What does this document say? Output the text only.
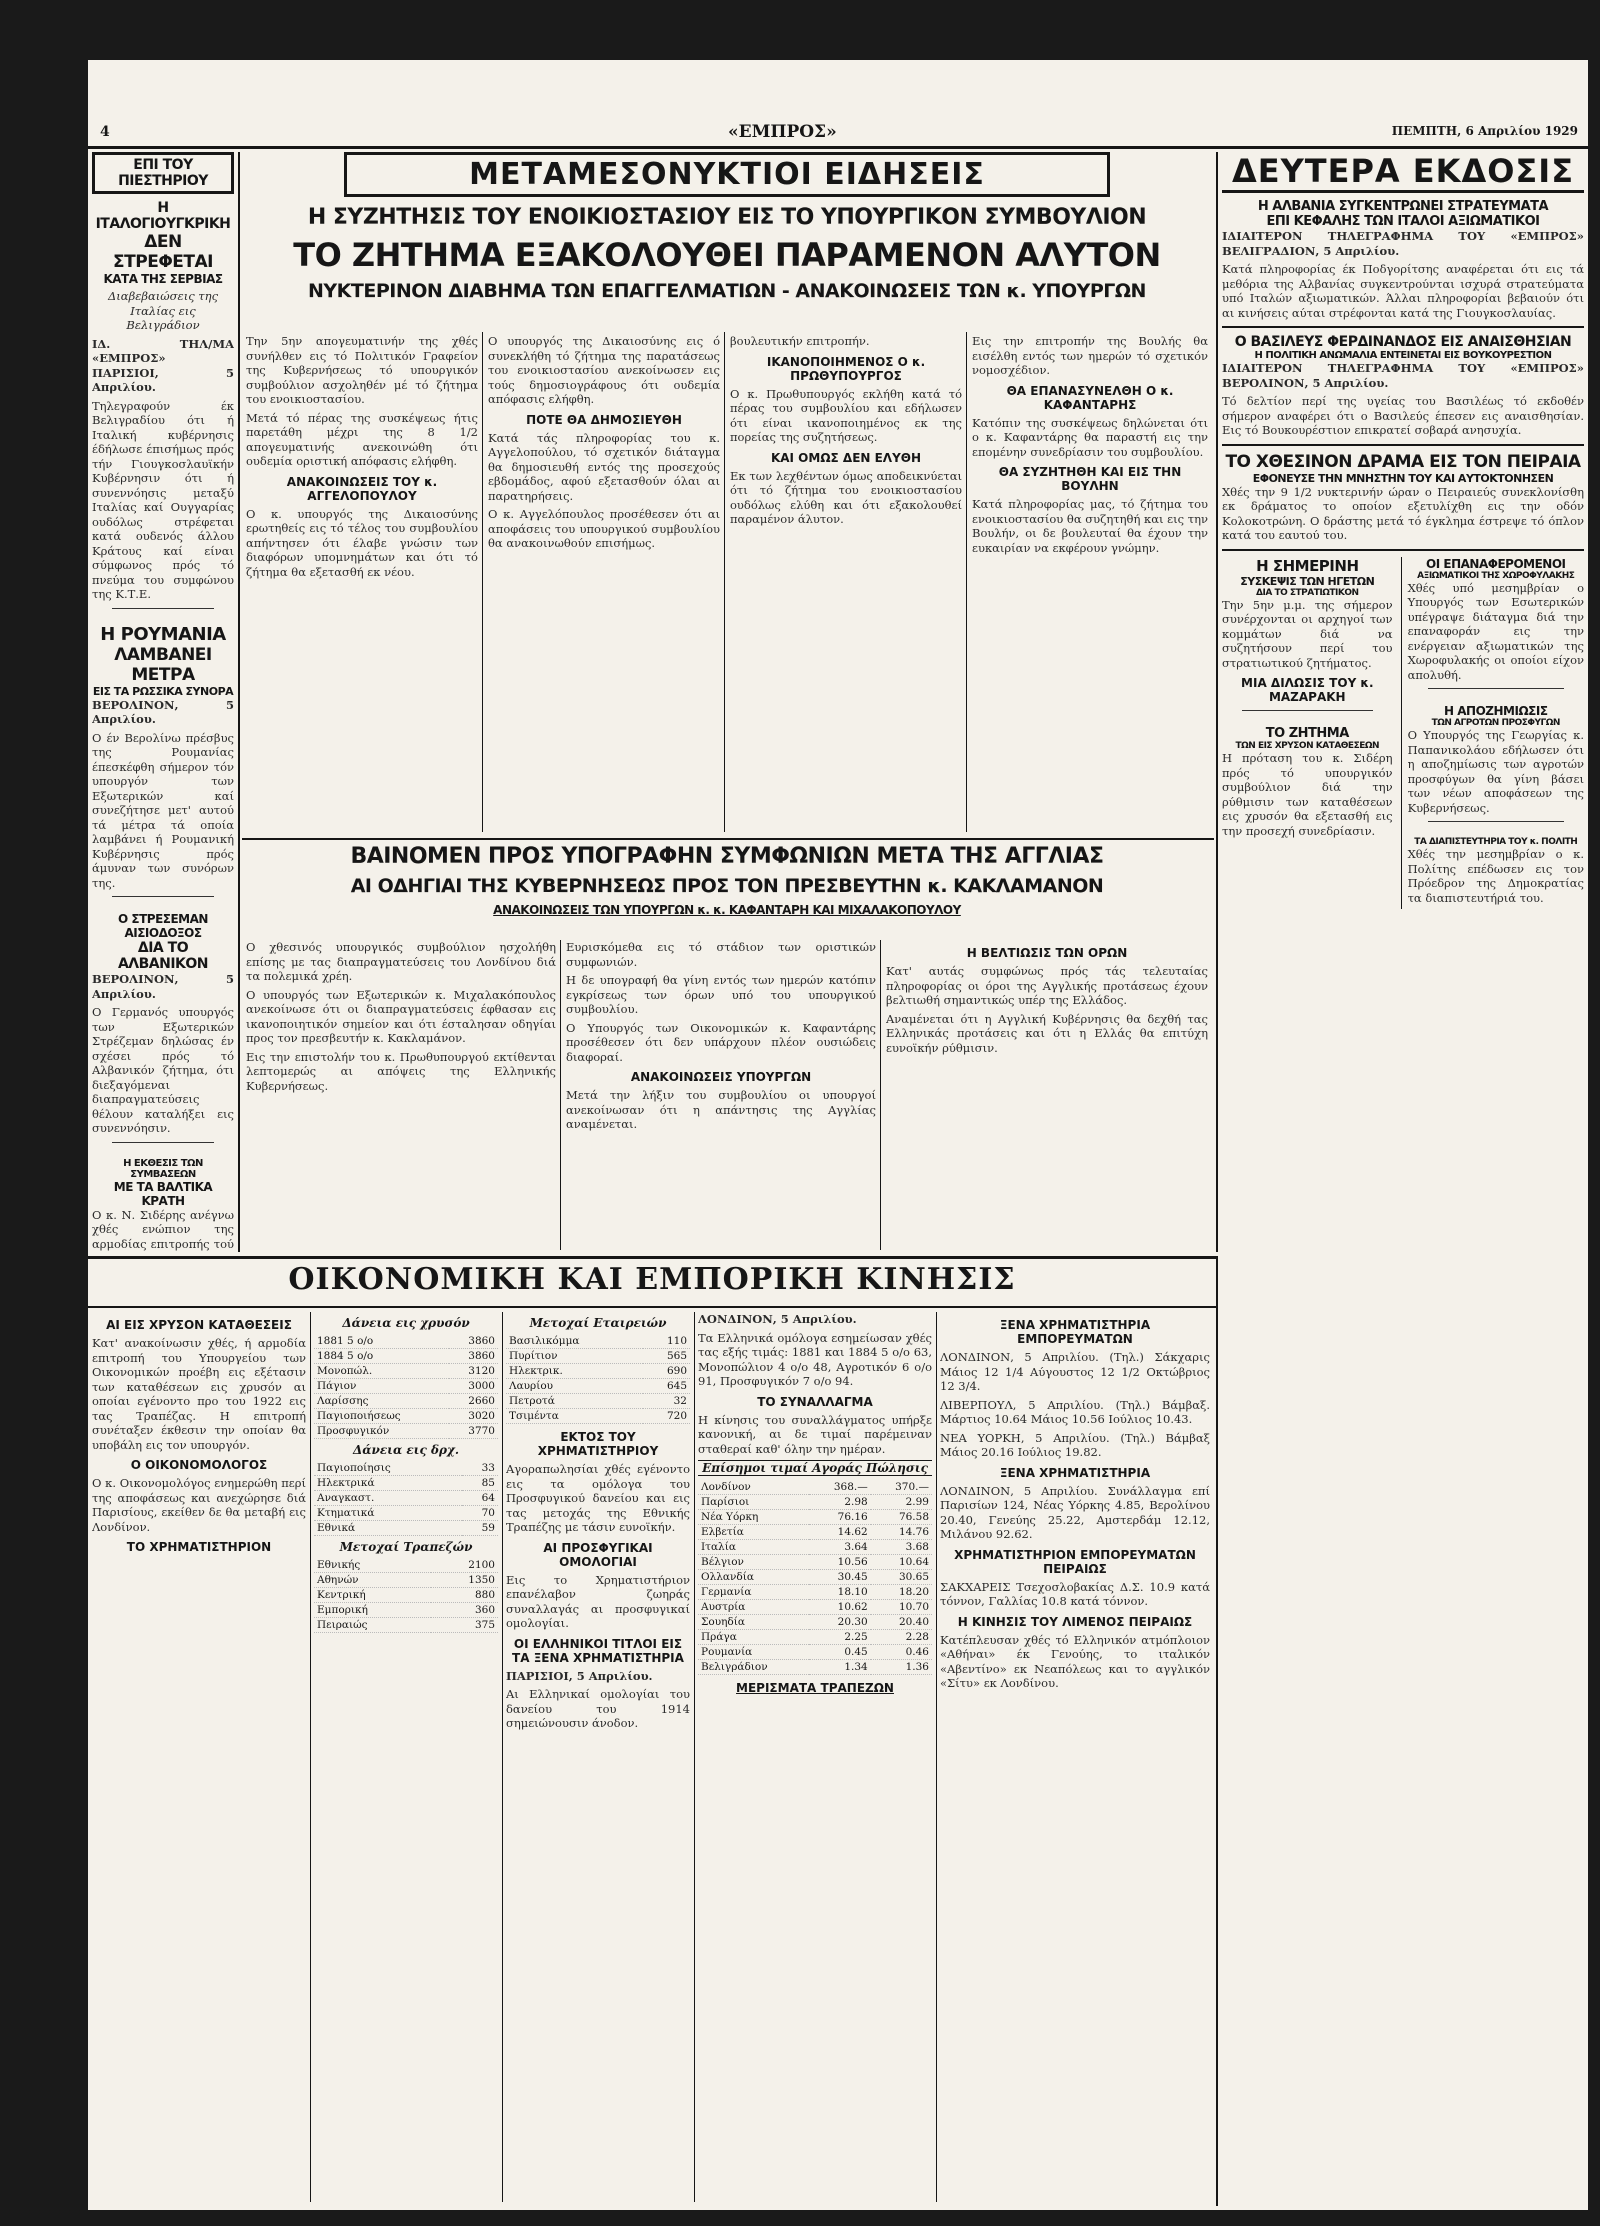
4	«ΕΜΠΡΟΣ»	ΠΕΜΠΤΗ, 6 Απριλίου 1929

ΕΠΙ ΤΟΥ ΠΙΕΣΤΗΡΙΟΥ

Η ΙΤΑΛΟΓΙΟΥΓΚΡΙΚΗ

ΔΕΝ ΣΤΡΕΦΕΤΑΙ

ΚΑΤΑ ΤΗΣ ΣΕΡΒΙΑΣ

Διαβεβαιώσεις της Ιταλίας εις Βελιγράδιον

ΙΔ. ΤΗΛ/ΜΑ «ΕΜΠΡΟΣ» ΠΑΡΙΣΙΟΙ, 5 Απριλίου.

Τηλεγραφούν έκ Βελιγραδίου ότι ή Ιταλική κυβέρνησις έδήλωσε έπισήμως πρός τήν Γιουγκοσλαυϊκήν Κυβέρνησιν ότι ή συνεννόησις μεταξύ Ιταλίας καί Ουγγαρίας ουδόλως στρέφεται κατά ουδενός άλλου Κράτους καί είναι σύμφωνος πρός τό πνεύμα του συμφώνου της Κ.Τ.Ε.

Η ΡΟΥΜΑΝΙΑ

ΛΑΜΒΑΝΕΙ ΜΕΤΡΑ

ΕΙΣ ΤΑ ΡΩΣΣΙΚΑ ΣΥΝΟΡΑ

ΒΕΡΟΛΙΝΟΝ, 5 Απριλίου.

Ο έν Βερολίνω πρέσβυς της Ρουμανίας έπεσκέφθη σήμερον τόν υπουργόν των Εξωτερικών καί συνεζήτησε μετ' αυτού τά μέτρα τά οποία λαμβάνει ή Ρουμανική Κυβέρνησις πρός άμυναν των συνόρων της.

Ο ΣΤΡΕΣΕΜΑΝ ΑΙΣΙΟΔΟΞΟΣ

ΔΙΑ ΤΟ ΑΛΒΑΝΙΚΟΝ

ΒΕΡΟΛΙΝΟΝ, 5 Απριλίου.

Ο Γερμανός υπουργός των Εξωτερικών Στρέζεμαν δηλώσας έν σχέσει πρός τό Αλβανικόν ζήτημα, ότι διεξαγόμεναι διαπραγματεύσεις θέλουν καταλήξει εις συνεννόησιν.

Η ΕΚΘΕΣΙΣ ΤΩΝ ΣΥΜΒΑΣΕΩΝ

ΜΕ ΤΑ ΒΑΛΤΙΚΑ ΚΡΑΤΗ

Ο κ. Ν. Σιδέρης ανέγνω χθές ενώπιον της αρμοδίας επιτροπής τού

ΜΕΤΑΜΕΣΟΝΥΚΤΙΟΙ ΕΙΔΗΣΕΙΣ

Η ΣΥΖΗΤΗΣΙΣ ΤΟΥ ΕΝΟΙΚΙΟΣΤΑΣΙΟΥ ΕΙΣ ΤΟ ΥΠΟΥΡΓΙΚΟΝ ΣΥΜΒΟΥΛΙΟΝ

ΤΟ ΖΗΤΗΜΑ ΕΞΑΚΟΛΟΥΘΕΙ ΠΑΡΑΜΕΝΟΝ ΑΛΥΤΟΝ

ΝΥΚΤΕΡΙΝΟΝ ΔΙΑΒΗΜΑ ΤΩΝ ΕΠΑΓΓΕΛΜΑΤΙΩΝ - ΑΝΑΚΟΙΝΩΣΕΙΣ ΤΩΝ κ. ΥΠΟΥΡΓΩΝ

Την 5ην απογευματινήν της χθές συνήλθεν εις τό Πολιτικόν Γραφείον της Κυβερνήσεως τό υπουργικόν συμβούλιον ασχοληθέν μέ τό ζήτημα του ενοικιοστασίου.

Μετά τό πέρας της συσκέψεως ήτις παρετάθη μέχρι της 8 1/2 απογευματινής ανεκοινώθη ότι ουδεμία οριστική απόφασις ελήφθη.

ΑΝΑΚΟΙΝΩΣΕΙΣ ΤΟΥ κ. ΑΓΓΕΛΟΠΟΥΛΟΥ

Ο κ. υπουργός της Δικαιοσύνης ερωτηθείς εις τό τέλος του συμβουλίου απήντησεν ότι έλαβε γνώσιν των διαφόρων υπομνημάτων και ότι τό ζήτημα θα εξετασθή εκ νέου.

Ο υπουργός της Δικαιοσύνης εις ό συνεκλήθη τό ζήτημα της παρατάσεως του ενοικιοστασίου ανεκοίνωσεν εις τούς δημοσιογράφους ότι ουδεμία απόφασις ελήφθη.

ΠΟΤΕ ΘΑ ΔΗΜΟΣΙΕΥΘΗ

Κατά τάς πληροφορίας του κ. Αγγελοπούλου, τό σχετικόν διάταγμα θα δημοσιευθή εντός της προσεχούς εβδομάδος, αφού εξετασθούν όλαι αι παρατηρήσεις.

Ο κ. Αγγελόπουλος προσέθεσεν ότι αι αποφάσεις του υπουργικού συμβουλίου θα ανακοινωθούν επισήμως.

βουλευτικήν επιτροπήν.

ΙΚΑΝΟΠΟΙΗΜΕΝΟΣ Ο κ. ΠΡΩΘΥΠΟΥΡΓΟΣ

Ο κ. Πρωθυπουργός εκλήθη κατά τό πέρας του συμβουλίου και εδήλωσεν ότι είναι ικανοποιημένος εκ της πορείας της συζητήσεως.

ΚΑΙ ΟΜΩΣ ΔΕΝ ΕΛΥΘΗ

Εκ των λεχθέντων όμως αποδεικνύεται ότι τό ζήτημα του ενοικιοστασίου ουδόλως ελύθη και ότι εξακολουθεί παραμένον άλυτον.

Εις την επιτροπήν της Βουλής θα εισέλθη εντός των ημερών τό σχετικόν νομοσχέδιον.

ΘΑ ΕΠΑΝΑΣΥΝΕΛΘΗ Ο κ. ΚΑΦΑΝΤΑΡΗΣ

Κατόπιν της συσκέψεως δηλώνεται ότι ο κ. Καφαντάρης θα παραστή εις την επομένην συνεδρίασιν του συμβουλίου.

ΘΑ ΣΥΖΗΤΗΘΗ ΚΑΙ ΕΙΣ ΤΗΝ ΒΟΥΛΗΝ

Κατά πληροφορίας μας, τό ζήτημα του ενοικιοστασίου θα συζητηθή και εις την Βουλήν, οι δε βουλευταί θα έχουν την ευκαιρίαν να εκφέρουν γνώμην.

ΒΑΙΝΟΜΕΝ ΠΡΟΣ ΥΠΟΓΡΑΦΗΝ ΣΥΜΦΩΝΙΩΝ ΜΕΤΑ ΤΗΣ ΑΓΓΛΙΑΣ

ΑΙ ΟΔΗΓΙΑΙ ΤΗΣ ΚΥΒΕΡΝΗΣΕΩΣ ΠΡΟΣ ΤΟΝ ΠΡΕΣΒΕΥΤΗΝ κ. ΚΑΚΛΑΜΑΝΟΝ

ΑΝΑΚΟΙΝΩΣΕΙΣ ΤΩΝ ΥΠΟΥΡΓΩΝ κ. κ. ΚΑΦΑΝΤΑΡΗ ΚΑΙ ΜΙΧΑΛΑΚΟΠΟΥΛΟΥ

Ο χθεσινός υπουργικός συμβούλιον ησχολήθη επίσης με τας διαπραγματεύσεις του Λονδίνου διά τα πολεμικά χρέη.

Ο υπουργός των Εξωτερικών κ. Μιχαλακόπουλος ανεκοίνωσε ότι οι διαπραγματεύσεις έφθασαν εις ικανοποιητικόν σημείον και ότι έσταλησαν οδηγίαι προς τον πρεσβευτήν κ. Κακλαμάνον.

Εις την επιστολήν του κ. Πρωθυπουργού εκτίθενται λεπτομερώς αι απόψεις της Ελληνικής Κυβερνήσεως.

Ευρισκόμεθα εις τό στάδιον των οριστικών συμφωνιών.

Η δε υπογραφή θα γίνη εντός των ημερών κατόπιν εγκρίσεως των όρων υπό του υπουργικού συμβουλίου.

Ο Υπουργός των Οικονομικών κ. Καφαντάρης προσέθεσεν ότι δεν υπάρχουν πλέον ουσιώδεις διαφοραί.

ΑΝΑΚΟΙΝΩΣΕΙΣ ΥΠΟΥΡΓΩΝ

Μετά την λήξιν του συμβουλίου οι υπουργοί ανεκοίνωσαν ότι η απάντησις της Αγγλίας αναμένεται.

Η ΒΕΛΤΙΩΣΙΣ ΤΩΝ ΟΡΩΝ

Κατ' αυτάς συμφώνως πρός τάς τελευταίας πληροφορίας οι όροι της Αγγλικής προτάσεως έχουν βελτιωθή σημαντικώς υπέρ της Ελλάδος.

Αναμένεται ότι η Αγγλική Κυβέρνησις θα δεχθή τας Ελληνικάς προτάσεις και ότι η Ελλάς θα επιτύχη ευνοϊκήν ρύθμισιν.

ΔΕΥΤΕΡΑ ΕΚΔΟΣΙΣ

Η ΑΛΒΑΝΙΑ ΣΥΓΚΕΝΤΡΩΝΕΙ ΣΤΡΑΤΕΥΜΑΤΑ

ΕΠΙ ΚΕΦΑΛΗΣ ΤΩΝ ΙΤΑΛΟΙ ΑΞΙΩΜΑΤΙΚΟΙ

ΙΔΙΑΙΤΕΡΟΝ ΤΗΛΕΓΡΑΦΗΜΑ ΤΟΥ «ΕΜΠΡΟΣ» ΒΕΛΙΓΡΑΔΙΟΝ, 5 Απριλίου.

Κατά πληροφορίας έκ Ποδγορίτσης αναφέρεται ότι εις τά μεθόρια της Αλβανίας συγκεντρούνται ισχυρά στρατεύματα υπό Ιταλών αξιωματικών. Άλλαι πληροφορίαι βεβαιούν ότι αι κινήσεις αύται στρέφονται κατά της Γιουγκοσλαυίας.

Ο ΒΑΣΙΛΕΥΣ ΦΕΡΔΙΝΑΝΔΟΣ ΕΙΣ ΑΝΑΙΣΘΗΣΙΑΝ

Η ΠΟΛΙΤΙΚΗ ΑΝΩΜΑΛΙΑ ΕΝΤΕΙΝΕΤΑΙ ΕΙΣ ΒΟΥΚΟΥΡΕΣΤΙΟΝ

ΙΔΙΑΙΤΕΡΟΝ ΤΗΛΕΓΡΑΦΗΜΑ ΤΟΥ «ΕΜΠΡΟΣ» ΒΕΡΟΛΙΝΟΝ, 5 Απριλίου.

Τό δελτίον περί της υγείας του Βασιλέως τό εκδοθέν σήμερον αναφέρει ότι ο Βασιλεύς έπεσεν εις αναισθησίαν. Εις τό Βουκουρέστιον επικρατεί σοβαρά ανησυχία.

ΤΟ ΧΘΕΣΙΝΟΝ ΔΡΑΜΑ ΕΙΣ ΤΟΝ ΠΕΙΡΑΙΑ

ΕΦΟΝΕΥΣΕ ΤΗΝ ΜΝΗΣΤΗΝ ΤΟΥ ΚΑΙ ΑΥΤΟΚΤΟΝΗΣΕΝ

Χθές την 9 1/2 νυκτερινήν ώραν ο Πειραιεύς συνεκλονίσθη εκ δράματος το οποίον εξετυλίχθη εις την οδόν Κολοκοτρώνη. Ο δράστης μετά τό έγκλημα έστρεψε τό όπλον κατά του εαυτού του.

Η ΣΗΜΕΡΙΝΗ

ΣΥΣΚΕΨΙΣ ΤΩΝ ΗΓΕΤΩΝ

ΔΙΑ ΤΟ ΣΤΡΑΤΙΩΤΙΚΟΝ

Την 5ην μ.μ. της σήμερον συνέρχονται οι αρχηγοί των κομμάτων διά να συζητήσουν περί του στρατιωτικού ζητήματος.

ΜΙΑ ΔΙΛΩΣΙΣ ΤΟΥ κ. ΜΑΖΑΡΑΚΗ

ΤΟ ΖΗΤΗΜΑ

ΤΩΝ ΕΙΣ ΧΡΥΣΟΝ ΚΑΤΑΘΕΣΕΩΝ

Η πρόταση του κ. Σιδέρη πρός τό υπουργικόν συμβούλιον διά την ρύθμισιν των καταθέσεων εις χρυσόν θα εξετασθή εις την προσεχή συνεδρίασιν.

ΟΙ ΕΠΑΝΑΦΕΡΟΜΕΝΟΙ

ΑΞΙΩΜΑΤΙΚΟΙ ΤΗΣ ΧΩΡΟΦΥΛΑΚΗΣ

Χθές υπό μεσημβρίαν ο Υπουργός των Εσωτερικών υπέγραψε διάταγμα διά την επαναφοράν εις την ενέργειαν αξιωματικών της Χωροφυλακής οι οποίοι είχον απολυθή.

Η ΑΠΟΖΗΜΙΩΣΙΣ

ΤΩΝ ΑΓΡΟΤΩΝ ΠΡΟΣΦΥΓΩΝ

Ο Υπουργός της Γεωργίας κ. Παπανικολάου εδήλωσεν ότι η αποζημίωσις των αγροτών προσφύγων θα γίνη βάσει των νέων αποφάσεων της Κυβερνήσεως.

ΤΑ ΔΙΑΠΙΣΤΕΥΤΗΡΙΑ ΤΟΥ κ. ΠΟΛΙΤΗ

Χθές την μεσημβρίαν ο κ. Πολίτης επέδωσεν εις τον Πρόεδρον της Δημοκρατίας τα διαπιστευτήριά του.

ΟΙΚΟΝΟΜΙΚΗ ΚΑΙ ΕΜΠΟΡΙΚΗ ΚΙΝΗΣΙΣ

ΑΙ ΕΙΣ ΧΡΥΣΟΝ ΚΑΤΑΘΕΣΕΙΣ

Κατ' ανακοίνωσιν χθές, ή αρμοδία επιτροπή του Υπουργείου των Οικονομικών προέβη εις εξέτασιν των καταθέσεων εις χρυσόν αι οποίαι εγένοντο προ του 1922 εις τας Τραπέζας. Η επιτροπή συνέταξεν έκθεσιν την οποίαν θα υποβάλη εις τον υπουργόν.

Ο ΟΙΚΟΝΟΜΟΛΟΓΟΣ

Ο κ. Οικονομολόγος ενημερώθη περί της αποφάσεως και ανεχώρησε διά Παρισίους, εκείθεν δε θα μεταβή εις Λονδίνον.

ΤΟ ΧΡΗΜΑΤΙΣΤΗΡΙΟΝ

Δάνεια εις χρυσόν

1881 5 ο/ο	3860
1884 5 ο/ο	3860
Μονοπώλ.	3120
Πάγιον	3000
Λαρίσσης	2660
Παγιοποιήσεως	3020
Προσφυγικόν	3770

Δάνεια εις δρχ.

Παγιοποίησις	33
Ηλεκτρικά	85
Αναγκαστ.	64
Κτηματικά	70
Εθνικά	59

Μετοχαί Τραπεζών

Εθνικής	2100
Αθηνών	1350
Κεντρική	880
Εμπορική	360
Πειραιώς	375

Μετοχαί Εταιρειών

Βασιλικόμμα	110
Πυρίτιον	565
Ηλεκτρικ.	690
Λαυρίου	645
Πετροτά	32
Τσιμέντα	720

ΕΚΤΟΣ ΤΟΥ ΧΡΗΜΑΤΙΣΤΗΡΙΟΥ

Αγοραπωλησίαι χθές εγένοντο εις τα ομόλογα του Προσφυγικού δανείου και εις τας μετοχάς της Εθνικής Τραπέζης με τάσιν ευνοϊκήν.

ΑΙ ΠΡΟΣΦΥΓΙΚΑΙ ΟΜΟΛΟΓΙΑΙ

Εις το Χρηματιστήριον επανέλαβον ζωηράς συναλλαγάς αι προσφυγικαί ομολογίαι.

ΟΙ ΕΛΛΗΝΙΚΟΙ ΤΙΤΛΟΙ ΕΙΣ ΤΑ ΞΕΝΑ ΧΡΗΜΑΤΙΣΤΗΡΙΑ

ΠΑΡΙΣΙΟΙ, 5 Απριλίου.

Αι Ελληνικαί ομολογίαι του δανείου του 1914 σημειώνουσιν άνοδον.

ΛΟΝΔΙΝΟΝ, 5 Απριλίου.

Τα Ελληνικά ομόλογα εσημείωσαν χθές τας εξής τιμάς: 1881 και 1884 5 ο/ο 63, Μονοπώλιον 4 ο/ο 48, Αγροτικόν 6 ο/ο 91, Προσφυγικόν 7 ο/ο 94.

ΤΟ ΣΥΝΑΛΛΑΓΜΑ

Η κίνησις του συναλλάγματος υπήρξε κανονική, αι δε τιμαί παρέμειναν σταθεραί καθ' όλην την ημέραν.

Επίσημοι τιμαί Αγοράς Πώλησις

Λονδίνον	368.—	370.—
Παρίσιοι	2.98	2.99
Νέα Υόρκη	76.16	76.58
Ελβετία	14.62	14.76
Ιταλία	3.64	3.68
Βέλγιον	10.56	10.64
Ολλανδία	30.45	30.65
Γερμανία	18.10	18.20
Αυστρία	10.62	10.70
Σουηδία	20.30	20.40
Πράγα	2.25	2.28
Ρουμανία	0.45	0.46
Βελιγράδιον	1.34	1.36

ΜΕΡΙΣΜΑΤΑ ΤΡΑΠΕΖΩΝ

ΞΕΝΑ ΧΡΗΜΑΤΙΣΤΗΡΙΑ ΕΜΠΟΡΕΥΜΑΤΩΝ

ΛΟΝΔΙΝΟΝ, 5 Απριλίου. (Τηλ.) Σάκχαρις Μάιος 12 1/4 Αύγουστος 12 1/2 Οκτώβριος 12 3/4.

ΛΙΒΕΡΠΟΥΛ, 5 Απριλίου. (Τηλ.) Βάμβαξ. Μάρτιος 10.64 Μάιος 10.56 Ιούλιος 10.43.

ΝΕΑ ΥΟΡΚΗ, 5 Απριλίου. (Τηλ.) Βάμβαξ Μάιος 20.16 Ιούλιος 19.82.

ΞΕΝΑ ΧΡΗΜΑΤΙΣΤΗΡΙΑ

ΛΟΝΔΙΝΟΝ, 5 Απριλίου. Συνάλλαγμα επί Παρισίων 124, Νέας Υόρκης 4.85, Βερολίνου 20.40, Γενεύης 25.22, Αμστερδάμ 12.12, Μιλάνου 92.62.

ΧΡΗΜΑΤΙΣΤΗΡΙΟΝ ΕΜΠΟΡΕΥΜΑΤΩΝ ΠΕΙΡΑΙΩΣ

ΣΑΚΧΑΡΕΙΣ Τσεχοσλοβακίας Δ.Σ. 10.9 κατά τόννον, Γαλλίας 10.8 κατά τόννον.

Η ΚΙΝΗΣΙΣ ΤΟΥ ΛΙΜΕΝΟΣ ΠΕΙΡΑΙΩΣ

Κατέπλευσαν χθές τό Ελληνικόν ατμόπλοιον «Αθήναι» έκ Γενούης, το ιταλικόν «Αβεντίνο» εκ Νεαπόλεως και το αγγλικόν «Σίτυ» εκ Λονδίνου.
